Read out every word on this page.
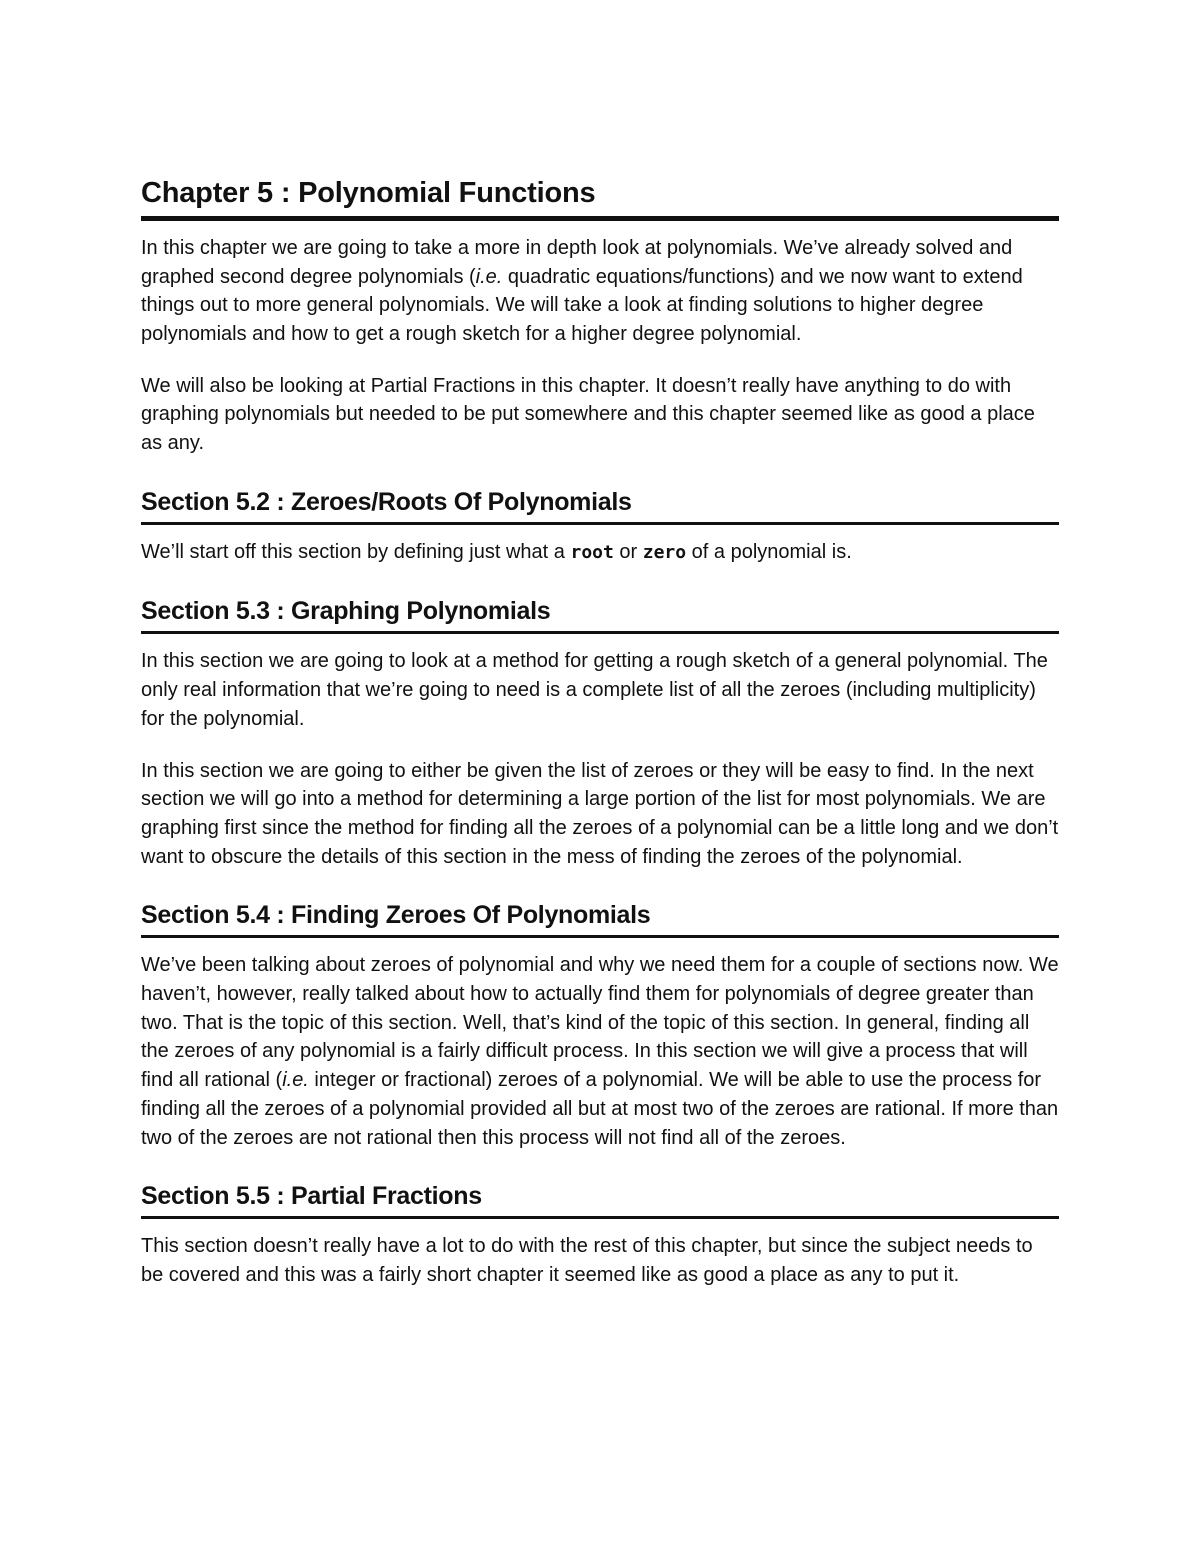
Chapter 5 : Polynomial Functions

In this chapter we are going to take a more in depth look at polynomials. We’ve already solved and graphed second degree polynomials (i.e. quadratic equations/functions) and we now want to extend things out to more general polynomials. We will take a look at finding solutions to higher degree polynomials and how to get a rough sketch for a higher degree polynomial.

We will also be looking at Partial Fractions in this chapter. It doesn’t really have anything to do with graphing polynomials but needed to be put somewhere and this chapter seemed like as good a place as any.

Section 5.2 : Zeroes/Roots Of Polynomials

We’ll start off this section by defining just what a root or zero of a polynomial is.

Section 5.3 : Graphing Polynomials

In this section we are going to look at a method for getting a rough sketch of a general polynomial. The only real information that we’re going to need is a complete list of all the zeroes (including multiplicity) for the polynomial.

In this section we are going to either be given the list of zeroes or they will be easy to find. In the next section we will go into a method for determining a large portion of the list for most polynomials. We are graphing first since the method for finding all the zeroes of a polynomial can be a little long and we don’t want to obscure the details of this section in the mess of finding the zeroes of the polynomial.

Section 5.4 : Finding Zeroes Of Polynomials

We’ve been talking about zeroes of polynomial and why we need them for a couple of sections now. We haven’t, however, really talked about how to actually find them for polynomials of degree greater than two. That is the topic of this section. Well, that’s kind of the topic of this section. In general, finding all the zeroes of any polynomial is a fairly difficult process. In this section we will give a process that will find all rational (i.e. integer or fractional) zeroes of a polynomial. We will be able to use the process for finding all the zeroes of a polynomial provided all but at most two of the zeroes are rational. If more than two of the zeroes are not rational then this process will not find all of the zeroes.

Section 5.5 : Partial Fractions

This section doesn’t really have a lot to do with the rest of this chapter, but since the subject needs to be covered and this was a fairly short chapter it seemed like as good a place as any to put it.
